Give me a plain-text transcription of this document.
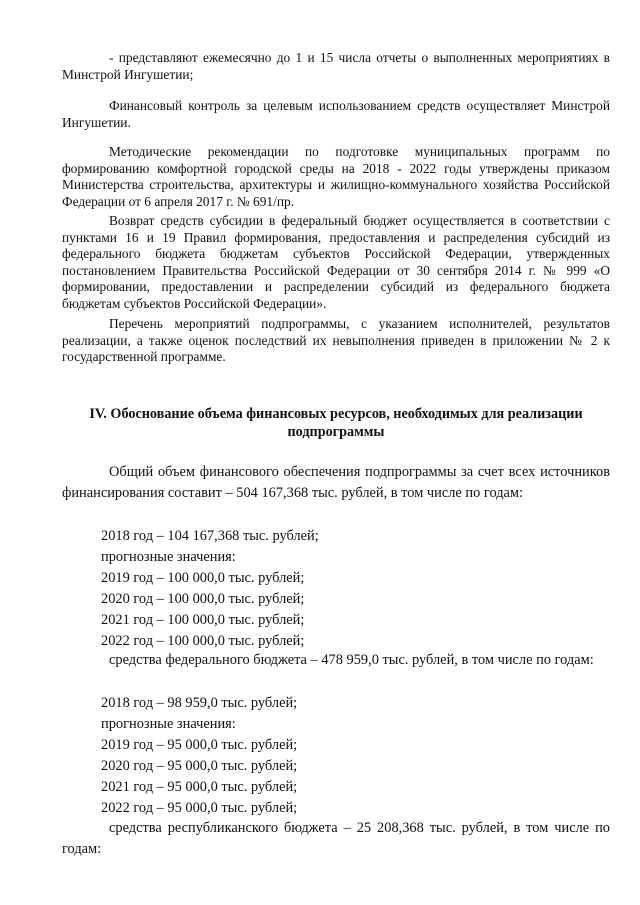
- представляют ежемесячно до 1 и 15 числа отчеты о выполненных мероприятиях в Минстрой Ингушетии;

Финансовый контроль за целевым использованием средств осуществляет Минстрой Ингушетии.

Методические рекомендации по подготовке муниципальных программ по формированию комфортной городской среды на 2018 - 2022 годы утверждены приказом Министерства строительства, архитектуры и жилищно-коммунального хозяйства Российской Федерации от 6 апреля 2017 г. № 691/пр.

Возврат средств субсидии в федеральный бюджет осуществляется в соответствии с пунктами 16 и 19 Правил формирования, предоставления и распределения субсидий из федерального бюджета бюджетам субъектов Российской Федерации, утвержденных постановлением Правительства Российской Федерации от 30 сентября 2014 г. № 999 «О формировании, предоставлении и распределении субсидий из федерального бюджета бюджетам субъектов Российской Федерации».

Перечень мероприятий подпрограммы, с указанием исполнителей, результатов реализации, а также оценок последствий их невыполнения приведен в приложении № 2 к государственной программе.

IV. Обоснование объема финансовых ресурсов, необходимых для реализации подпрограммы

Общий объем финансового обеспечения подпрограммы за счет всех источников финансирования составит – 504 167,368 тыс. рублей, в том числе по годам:

2018 год – 104 167,368 тыс. рублей;
прогнозные значения:
2019 год – 100 000,0 тыс. рублей;
2020 год – 100 000,0 тыс. рублей;
2021 год – 100 000,0 тыс. рублей;
2022 год – 100 000,0 тыс. рублей;

средства федерального бюджета – 478 959,0 тыс. рублей, в том числе по годам:

2018 год – 98 959,0 тыс. рублей;
прогнозные значения:
2019 год – 95 000,0 тыс. рублей;
2020 год – 95 000,0 тыс. рублей;
2021 год – 95 000,0 тыс. рублей;
2022 год – 95 000,0 тыс. рублей;

средства республиканского бюджета – 25 208,368 тыс. рублей, в том числе по годам:
